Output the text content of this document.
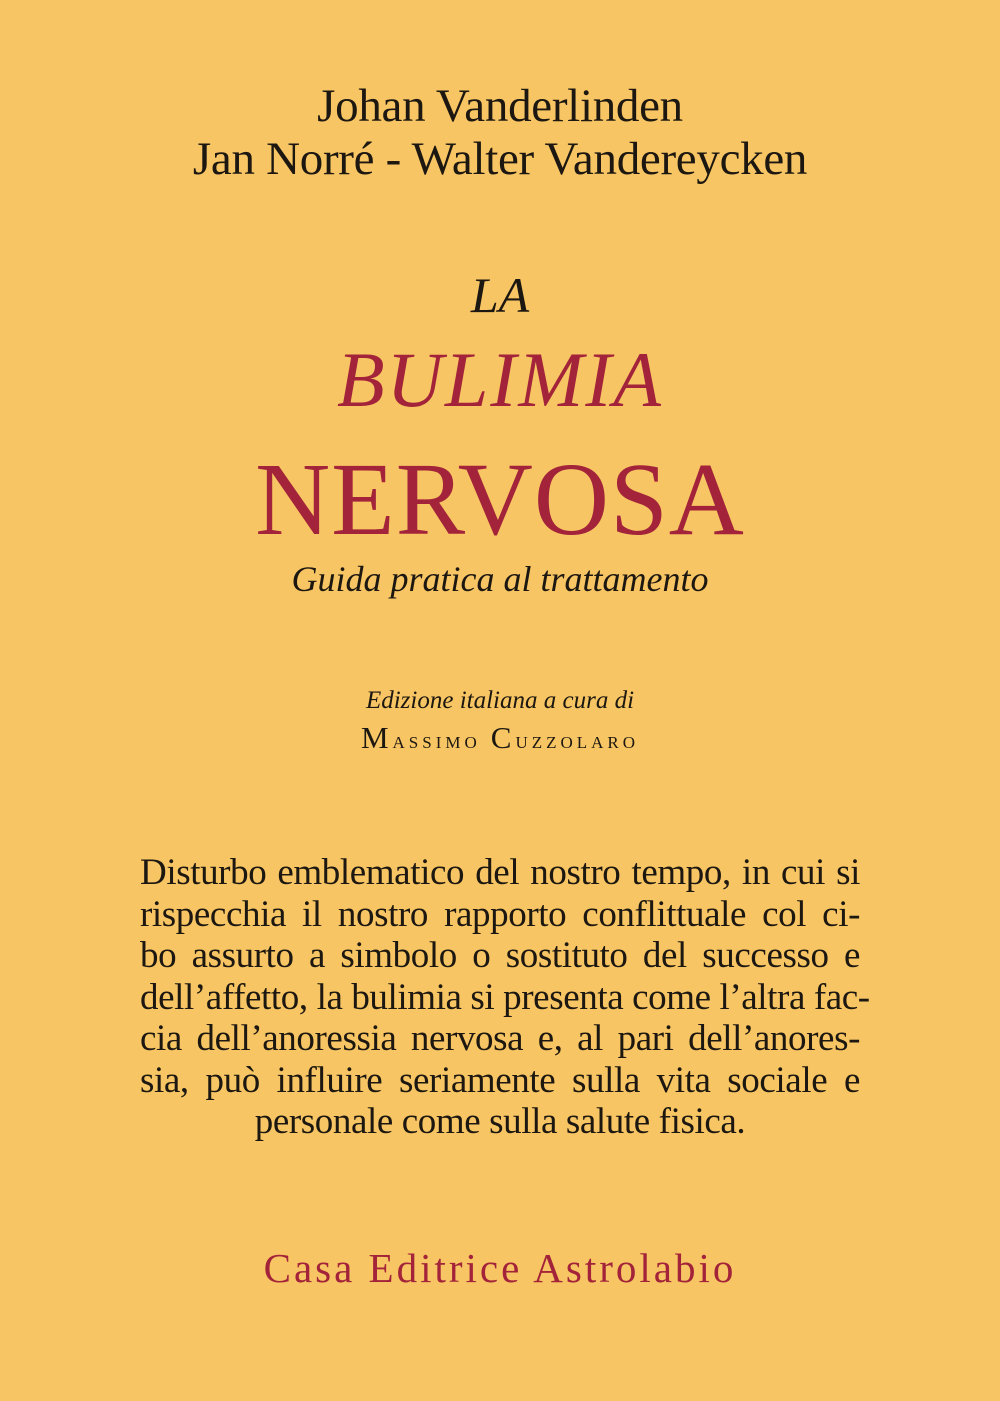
Johan Vanderlinden
Jan Norré - Walter Vandereycken
LA
BULIMIA
NERVOSA
Guida pratica al trattamento
Edizione italiana a cura di
Massimo Cuzzolaro
Disturbo emblematico del nostro tempo, in cui si
rispecchia il nostro rapporto conflittuale col ci-
bo assurto a simbolo o sostituto del successo e
dell’affetto, la bulimia si presenta come l’altra fac-
cia dell’anoressia nervosa e, al pari dell’anores-
sia, può influire seriamente sulla vita sociale e
personale come sulla salute fisica.
Casa Editrice Astrolabio
